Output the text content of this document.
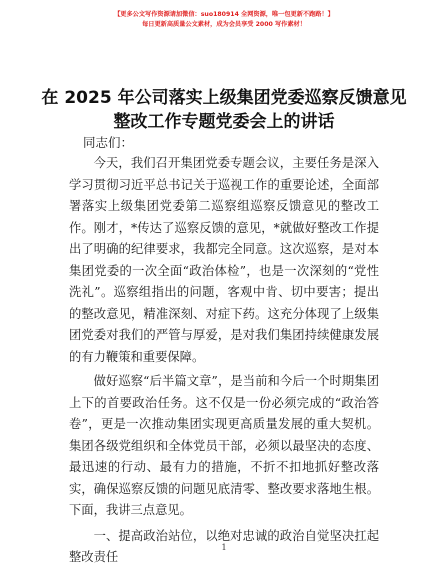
【更多公文写作资源请加微信：suo180914 全网资源，唯一包更新不跑路！】
每日更新高质量公文素材，成为会员享受 2000 写作素材！
在 2025 年公司落实上级集团党委巡察反馈意见
整改工作专题党委会上的讲话
同志们：

今天，我们召开集团党委专题会议，主要任务是深入学习贯彻习近平总书记关于巡视工作的重要论述，全面部署落实上级集团党委第二巡察组巡察反馈意见的整改工作。刚才，*传达了巡察反馈的意见，*就做好整改工作提出了明确的纪律要求，我都完全同意。这次巡察，是对本集团党委的一次全面“政治体检”，也是一次深刻的“党性洗礼”。巡察组指出的问题，客观中肯、切中要害；提出的整改意见，精准深刻、对症下药。这充分体现了上级集团党委对我们的严管与厚爱，是对我们集团持续健康发展的有力鞭策和重要保障。

做好巡察“后半篇文章”，是当前和今后一个时期集团上下的首要政治任务。这不仅是一份必须完成的“政治答卷”，更是一次推动集团实现更高质量发展的重大契机。集团各级党组织和全体党员干部，必须以最坚决的态度、最迅速的行动、最有力的措施，不折不扣地抓好整改落实，确保巡察反馈的问题见底清零、整改要求落地生根。下面，我讲三点意见。

一、提高政治站位，以绝对忠诚的政治自觉坚决扛起整改责任

1
